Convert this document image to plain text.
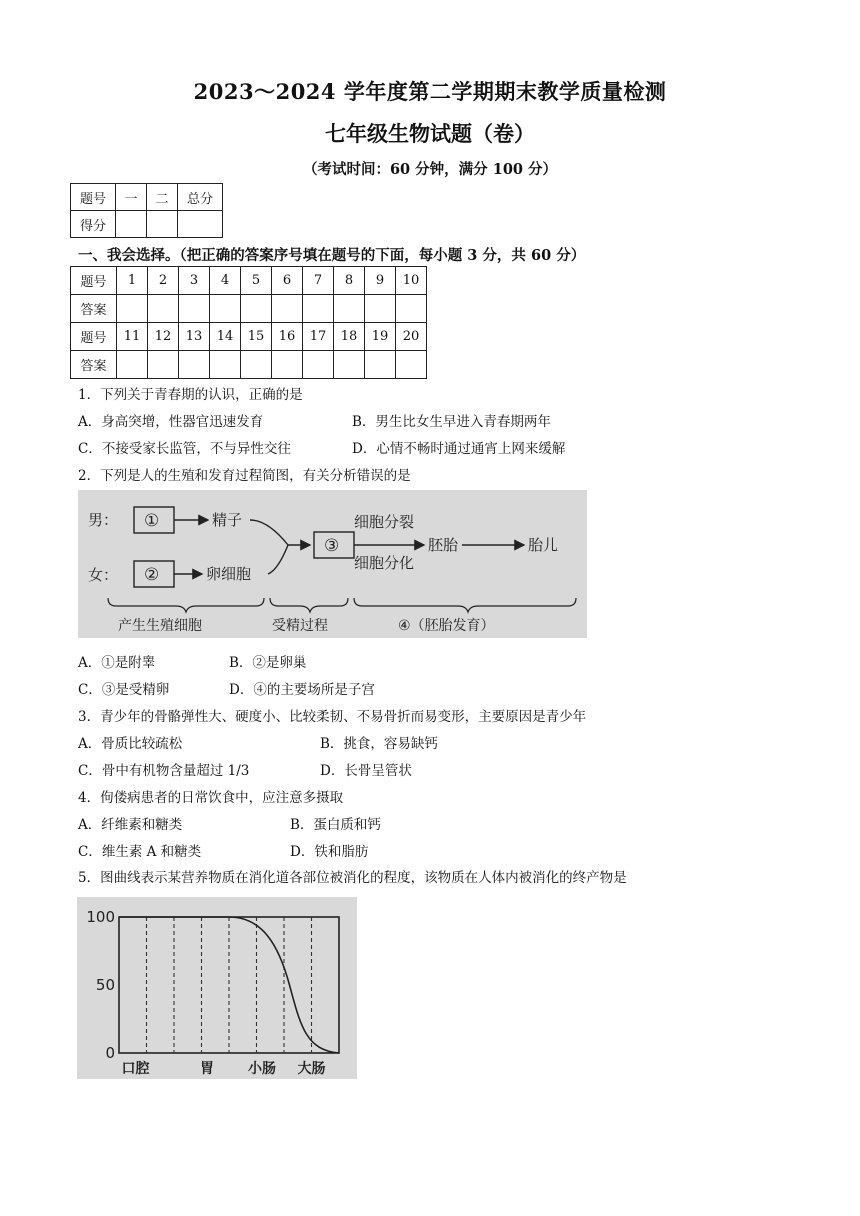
2023～2024 学年度第二学期期末教学质量检测
七年级生物试题（卷）
（考试时间：60 分钟，满分 100 分）
题号	一	二	总分
得分			
一、我会选择。（把正确的答案序号填在题号的下面，每小题 3 分，共 60 分）
题号	1	2	3	4	5	6	7	8	9	10
答案										
题号	11	12	13	14	15	16	17	18	19	20
答案										
1．下列关于青春期的认识，正确的是
A．身高突增，性器官迅速发育	B．男生比女生早进入青春期两年
C．不接受家长监管，不与异性交往	D．心情不畅时通过通宵上网来缓解
2．下列是人的生殖和发育过程简图，有关分析错误的是
男：
女：
①	精子
②	卵细胞
③
细胞分裂
细胞分化
胚胎	胎儿
产生生殖细胞	受精过程	④（胚胎发育）
A．①是附睾	B．②是卵巢
C．③是受精卵	D．④的主要场所是子宫
3．青少年的骨骼弹性大、硬度小、比较柔韧、不易骨折而易变形，主要原因是青少年
A．骨质比较疏松	B．挑食，容易缺钙
C．骨中有机物含量超过 1/3	D．长骨呈管状
4．佝偻病患者的日常饮食中，应注意多摄取
A．纤维素和糖类	B．蛋白质和钙
C．维生素 A 和糖类	D．铁和脂肪
5．图曲线表示某营养物质在消化道各部位被消化的程度，该物质在人体内被消化的终产物是
100
50
0
口腔	胃 小肠 大肠
